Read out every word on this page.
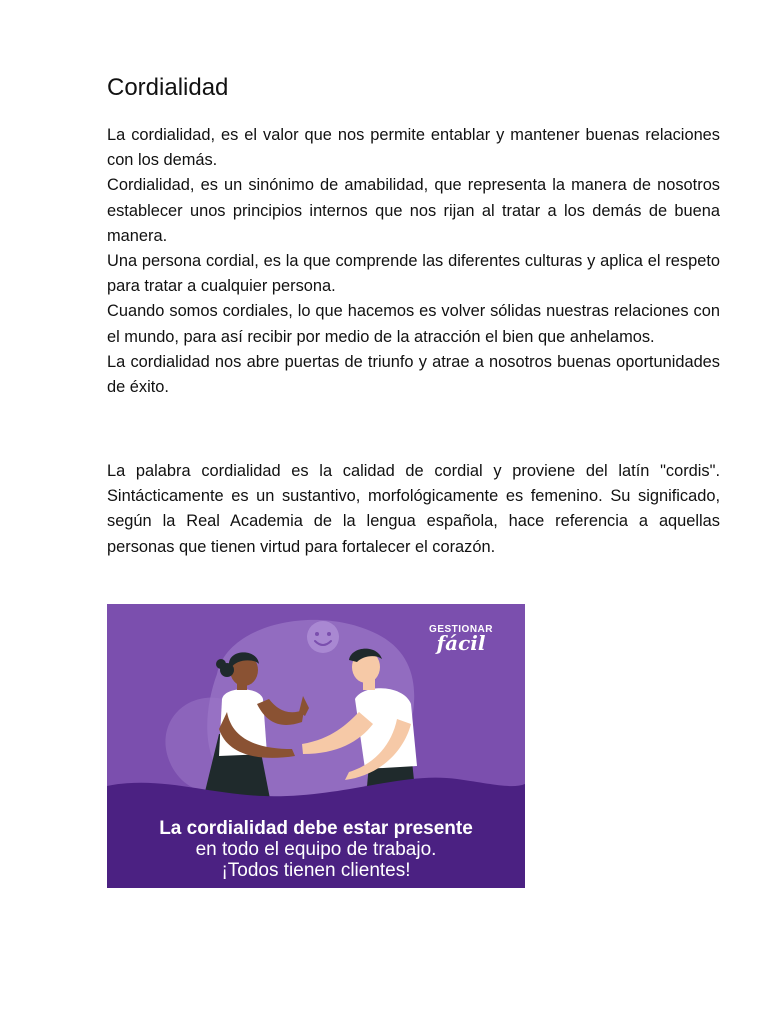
Cordialidad

La cordialidad, es el valor que nos permite entablar y mantener buenas relaciones con los demás.

Cordialidad, es un sinónimo de amabilidad, que representa la manera de nosotros establecer unos principios internos que nos rijan al tratar a los demás de buena manera.

Una persona cordial, es la que comprende las diferentes culturas y aplica el respeto para tratar a cualquier persona.

Cuando somos cordiales, lo que hacemos es volver sólidas nuestras relaciones con el mundo, para así recibir por medio de la atracción el bien que anhelamos.

La cordialidad nos abre puertas de triunfo y atrae a nosotros buenas oportunidades de éxito.

La palabra cordialidad es la calidad de cordial y proviene del latín "cordis". Sintácticamente es un sustantivo, morfológicamente es femenino. Su significado, según la Real Academia de la lengua española, hace referencia a aquellas personas que tienen virtud para fortalecer el corazón.

GESTIONAR
fácil
La cordialidad debe estar presente
en todo el equipo de trabajo.
¡Todos tienen clientes!
